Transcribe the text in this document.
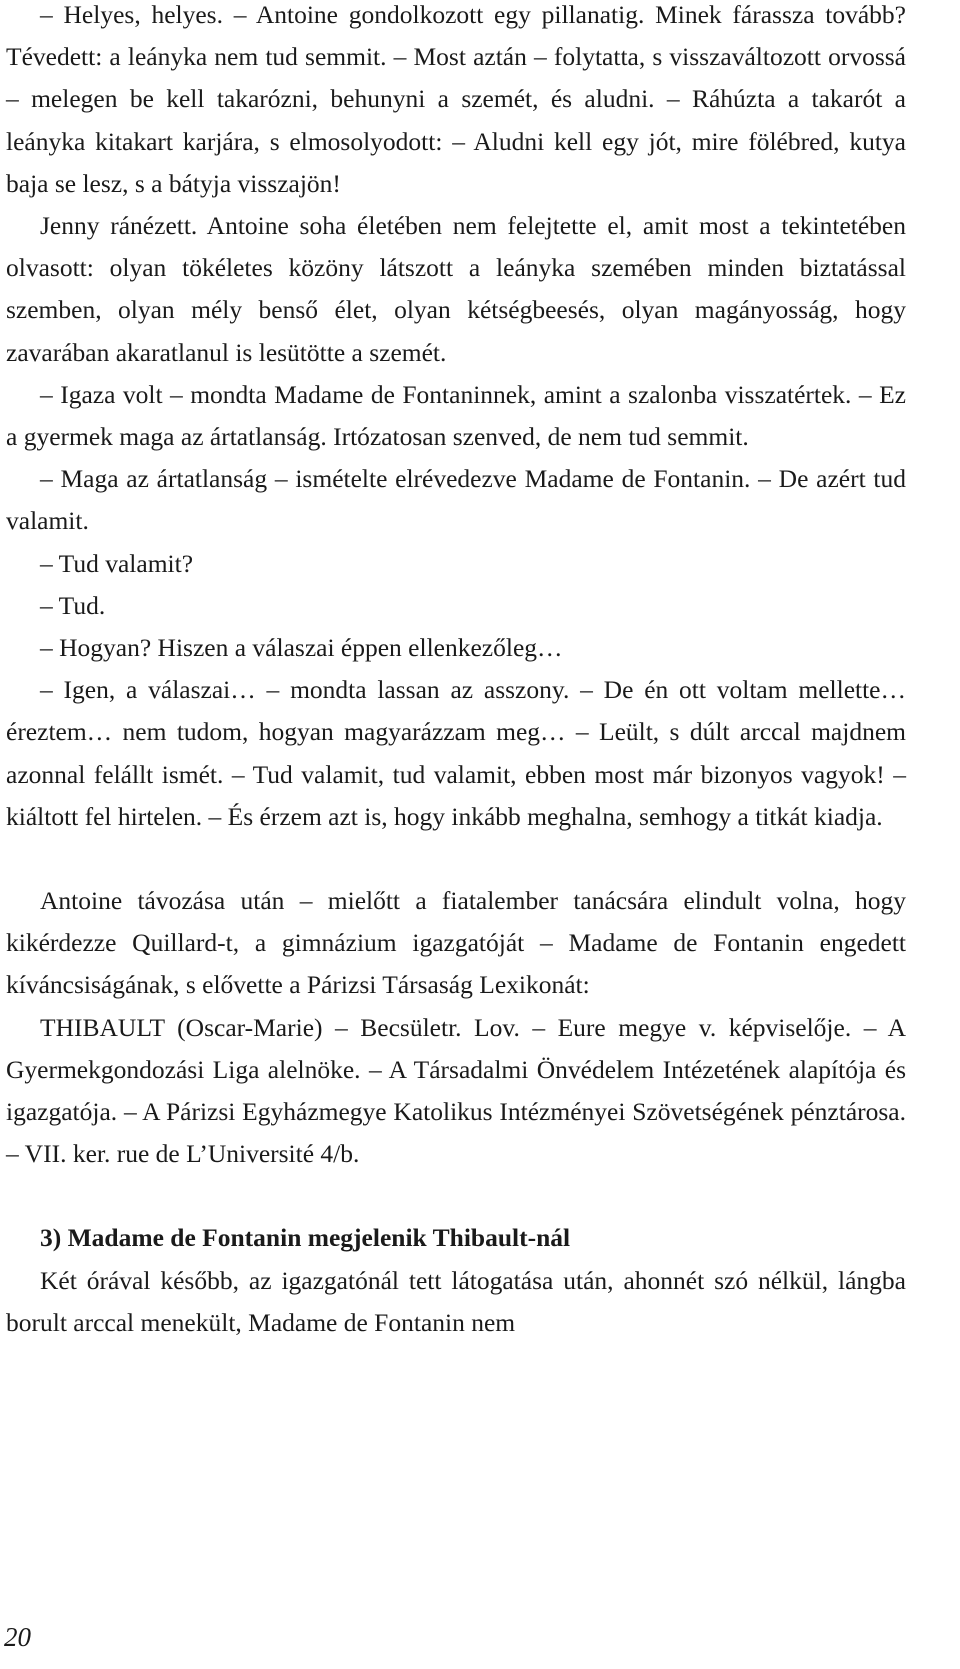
– Helyes, helyes. – Antoine gondolkozott egy pillanatig. Minek fárassza tovább? Tévedett: a leányka nem tud semmit. – Most aztán – folytatta, s visszaváltozott orvossá – melegen be kell takarózni, behunyni a szemét, és aludni. – Ráhúzta a takarót a leányka kitakart karjára, s elmosolyodott: – Aludni kell egy jót, mire fölébred, kutya baja se lesz, s a bátyja visszajön!

Jenny ránézett. Antoine soha életében nem felejtette el, amit most a tekintetében olvasott: olyan tökéletes közöny látszott a leányka szemében minden biztatással szemben, olyan mély benső élet, olyan kétségbeesés, olyan magányosság, hogy zavarában akaratlanul is lesütötte a szemét.

– Igaza volt – mondta Madame de Fontaninnek, amint a szalonba visszatértek. – Ez a gyermek maga az ártatlanság. Irtózatosan szenved, de nem tud semmit.

– Maga az ártatlanság – ismételte elrévedezve Madame de Fontanin. – De azért tud valamit.

– Tud valamit?

– Tud.

– Hogyan? Hiszen a válaszai éppen ellenkezőleg…

– Igen, a válaszai… – mondta lassan az asszony. – De én ott voltam mellette… éreztem… nem tudom, hogyan magyarázzam meg… – Leült, s dúlt arccal majdnem azonnal felállt ismét. – Tud valamit, tud valamit, ebben most már bizonyos vagyok! – kiáltott fel hirtelen. – És érzem azt is, hogy inkább meghalna, semhogy a titkát kiadja.

Antoine távozása után – mielőtt a fiatalember tanácsára elindult volna, hogy kikérdezze Quillard-t, a gimnázium igazgatóját – Madame de Fontanin engedett kíváncsiságának, s elővette a Párizsi Társaság Lexikonát:

THIBAULT (Oscar-Marie) – Becsületr. Lov. – Eure megye v. képviselője. – A Gyermekgondozási Liga alelnöke. – A Társadalmi Önvédelem Intézetének alapítója és igazgatója. – A Párizsi Egyházmegye Katolikus Intézményei Szövetségének pénztárosa. – VII. ker. rue de L’Université 4/b.

3) Madame de Fontanin megjelenik Thibault-nál

Két órával később, az igazgatónál tett látogatása után, ahonnét szó nélkül, lángba borult arccal menekült, Madame de Fontanin nem

20
